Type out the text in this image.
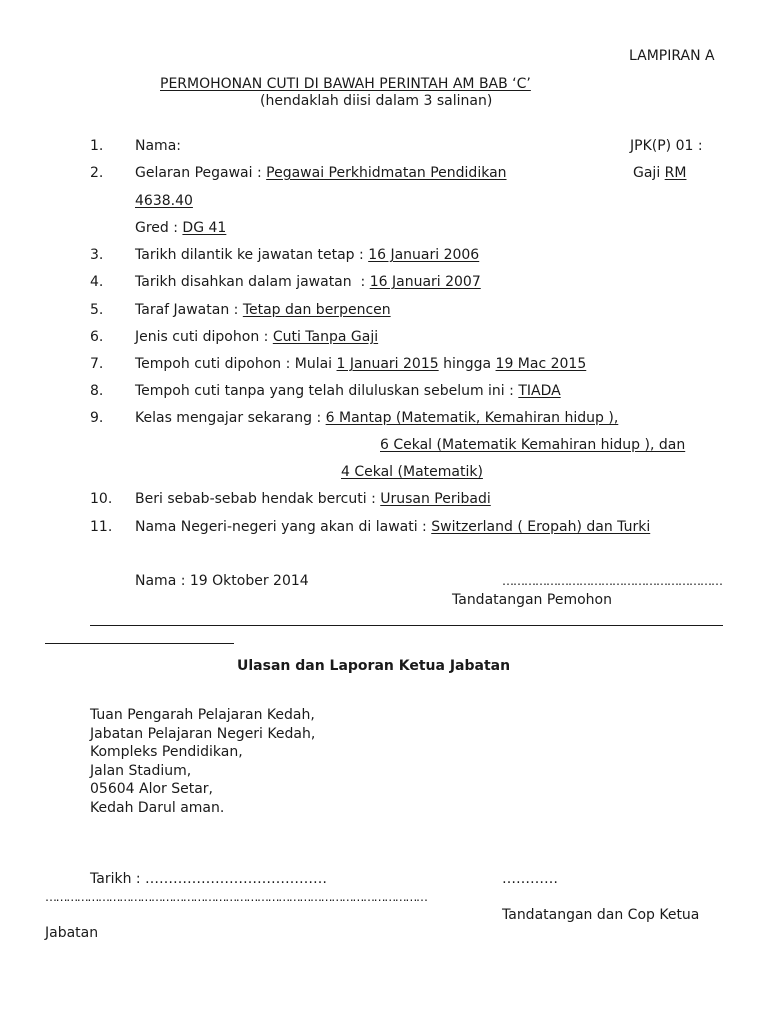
LAMPIRAN A
PERMOHONAN CUTI DI BAWAH PERINTAH AM BAB ‘C’
(hendaklah diisi dalam 3 salinan)
1. Nama:	JPK(P) 01 :
2. Gelaran Pegawai : Pegawai Perkhidmatan Pendidikan	Gaji RM
4638.40
Gred : DG 41
3. Tarikh dilantik ke jawatan tetap : 16 Januari 2006
4. Tarikh disahkan dalam jawatan  : 16 Januari 2007
5. Taraf Jawatan : Tetap dan berpencen
6. Jenis cuti dipohon : Cuti Tanpa Gaji
7. Tempoh cuti dipohon : Mulai 1 Januari 2015 hingga 19 Mac 2015
8. Tempoh cuti tanpa yang telah diluluskan sebelum ini : TIADA
9. Kelas mengajar sekarang : 6 Mantap (Matematik, Kemahiran hidup ),
6 Cekal (Matematik Kemahiran hidup ), dan
4 Cekal (Matematik)
10. Beri sebab-sebab hendak bercuti : Urusan Peribadi
11. Nama Negeri-negeri yang akan di lawati : Switzerland ( Eropah) dan Turki
Nama : 19 Oktober 2014	……………………………………………………
Tandatangan Pemohon
Ulasan dan Laporan Ketua Jabatan
Tuan Pengarah Pelajaran Kedah,
Jabatan Pelajaran Negeri Kedah,
Kompleks Pendidikan,
Jalan Stadium,
05604 Alor Setar,
Kedah Darul aman.
Tarikh : …………………………………	…………
………………………………………………………………………………………………
Tandatangan dan Cop Ketua
Jabatan
